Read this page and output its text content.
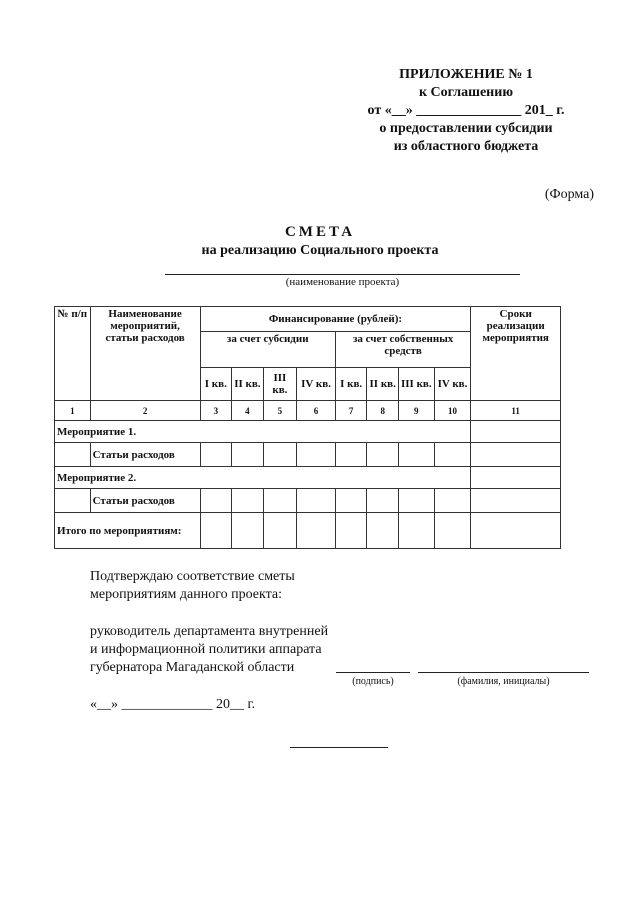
ПРИЛОЖЕНИЕ № 1
к Соглашению
от «__» _______________ 201_ г.
о предоставлении субсидии
из областного бюджета
(Форма)
СМЕТА
на реализацию Социального проекта
(наименование проекта)
№ п/п	Наименование мероприятий, статьи расходов	Финансирование (рублей):								Сроки реализации мероприятия
		за счет субсидии				за счет собственных средств				
		I кв.	II кв.	III кв.	IV кв.	I кв.	II кв.	III кв.	IV кв.	
1	2	3	4	5	6	7	8	9	10	11
Мероприятие 1.										
	Статьи расходов									
Мероприятие 2.										
	Статьи расходов									
Итого по мероприятиям:										
Подтверждаю соответствие сметы
мероприятиям данного проекта:
руководитель департамента внутренней
и информационной политики аппарата
губернатора Магаданской области
(подпись)	(фамилия, инициалы)
«__» _____________ 20__ г.
